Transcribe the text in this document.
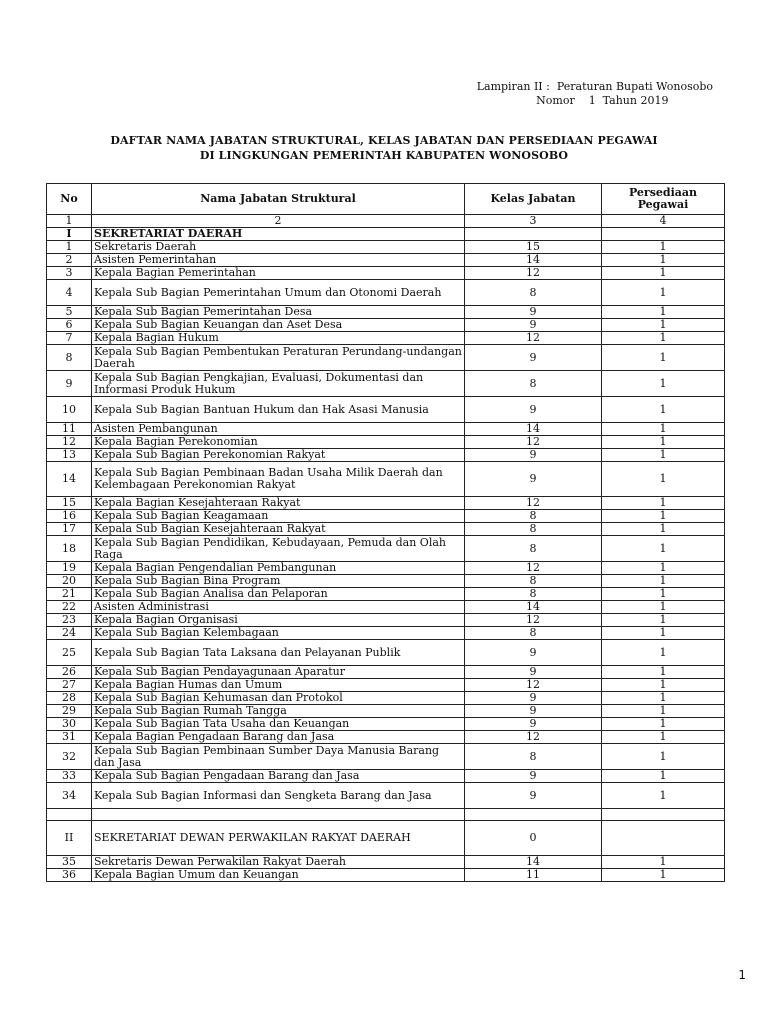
Lampiran II :  Peraturan Bupati Wonosobo
Nomor    1  Tahun 2019
DAFTAR NAMA JABATAN STRUKTURAL, KELAS JABATAN DAN PERSEDIAAN PEGAWAI
DI LINGKUNGAN PEMERINTAH KABUPATEN WONOSOBO
No	Nama Jabatan Struktural	Kelas Jabatan	Persediaan Pegawai
1	2	3	4
I	SEKRETARIAT DAERAH		
1	Sekretaris Daerah	15	1
2	Asisten Pemerintahan	14	1
3	Kepala Bagian Pemerintahan	12	1
4	Kepala Sub Bagian Pemerintahan Umum dan Otonomi Daerah	8	1
5	Kepala Sub Bagian Pemerintahan Desa	9	1
6	Kepala Sub Bagian Keuangan dan Aset Desa	9	1
7	Kepala Bagian Hukum	12	1
8	Kepala Sub Bagian Pembentukan Peraturan Perundang-undangan Daerah	9	1
9	Kepala Sub Bagian Pengkajian, Evaluasi, Dokumentasi dan Informasi Produk Hukum	8	1
10	Kepala Sub Bagian Bantuan Hukum dan Hak Asasi Manusia	9	1
11	Asisten Pembangunan	14	1
12	Kepala Bagian Perekonomian	12	1
13	Kepala Sub Bagian Perekonomian Rakyat	9	1
14	Kepala Sub Bagian Pembinaan Badan Usaha Milik Daerah dan Kelembagaan Perekonomian Rakyat	9	1
15	Kepala Bagian Kesejahteraan Rakyat	12	1
16	Kepala Sub Bagian Keagamaan	8	1
17	Kepala Sub Bagian Kesejahteraan Rakyat	8	1
18	Kepala Sub Bagian Pendidikan, Kebudayaan, Pemuda dan Olah Raga	8	1
19	Kepala Bagian Pengendalian Pembangunan	12	1
20	Kepala Sub Bagian Bina Program	8	1
21	Kepala Sub Bagian Analisa dan Pelaporan	8	1
22	Asisten Administrasi	14	1
23	Kepala Bagian Organisasi	12	1
24	Kepala Sub Bagian Kelembagaan	8	1
25	Kepala Sub Bagian Tata Laksana dan Pelayanan Publik	9	1
26	Kepala Sub Bagian Pendayagunaan Aparatur	9	1
27	Kepala Bagian Humas dan Umum	12	1
28	Kepala Sub Bagian Kehumasan dan Protokol	9	1
29	Kepala Sub Bagian Rumah Tangga	9	1
30	Kepala Sub Bagian Tata Usaha dan Keuangan	9	1
31	Kepala Bagian Pengadaan Barang dan Jasa	12	1
32	Kepala Sub Bagian Pembinaan Sumber Daya Manusia Barang dan Jasa	8	1
33	Kepala Sub Bagian Pengadaan Barang dan Jasa	9	1
34	Kepala Sub Bagian Informasi dan Sengketa Barang dan Jasa	9	1

II	SEKRETARIAT DEWAN PERWAKILAN RAKYAT DAERAH	0	
35	Sekretaris Dewan Perwakilan Rakyat Daerah	14	1
36	Kepala Bagian Umum dan Keuangan	11	1
1
